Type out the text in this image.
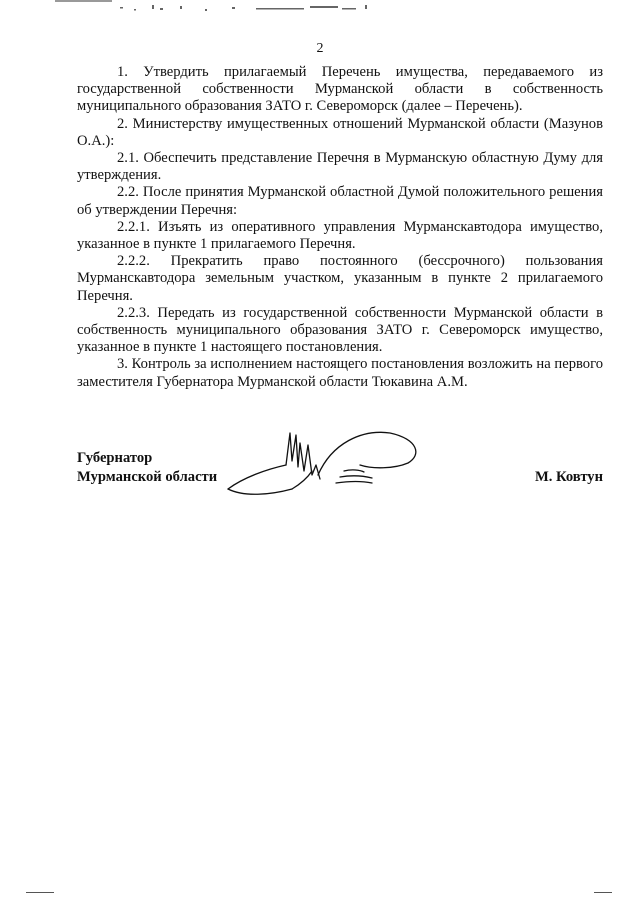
2

1. Утвердить прилагаемый Перечень имущества, передаваемого из государственной собственности Мурманской области в собственность муниципального образования ЗАТО г. Североморск (далее – Перечень).

2. Министерству имущественных отношений Мурманской области (Мазунов О.А.):

2.1. Обеспечить представление Перечня в Мурманскую областную Думу для утверждения.

2.2. После принятия Мурманской областной Думой положительного решения об утверждении Перечня:

2.2.1. Изъять из оперативного управления Мурманскавтодора имущество, указанное в пункте 1 прилагаемого Перечня.

2.2.2. Прекратить право постоянного (бессрочного) пользования Мурманскавтодора земельным участком, указанным в пункте 2 прилагаемого Перечня.

2.2.3. Передать из государственной собственности Мурманской области в собственность муниципального образования ЗАТО г. Североморск имущество, указанное в пункте 1 настоящего постановления.

3. Контроль за исполнением настоящего постановления возложить на первого заместителя Губернатора Мурманской области Тюкавина А.М.

Губернатор
Мурманской области	М. Ковтун
